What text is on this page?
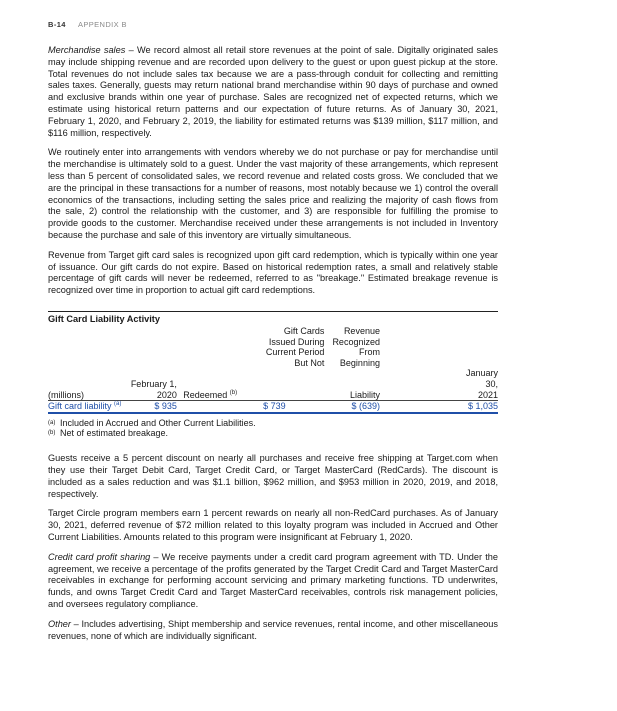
B-14 APPENDIX B

Merchandise sales – We record almost all retail store revenues at the point of sale. Digitally originated sales may include shipping revenue and are recorded upon delivery to the guest or upon guest pickup at the store. Total revenues do not include sales tax because we are a pass-through conduit for collecting and remitting sales taxes. Generally, guests may return national brand merchandise within 90 days of purchase and owned and exclusive brands within one year of purchase. Sales are recognized net of expected returns, which we estimate using historical return patterns and our expectation of future returns. As of January 30, 2021, February 1, 2020, and February 2, 2019, the liability for estimated returns was $139 million, $117 million, and $116 million, respectively.

We routinely enter into arrangements with vendors whereby we do not purchase or pay for merchandise until the merchandise is ultimately sold to a guest. Under the vast majority of these arrangements, which represent less than 5 percent of consolidated sales, we record revenue and related costs gross. We concluded that we are the principal in these transactions for a number of reasons, most notably because we 1) control the overall economics of the transactions, including setting the sales price and realizing the majority of cash flows from the sale, 2) control the relationship with the customer, and 3) are responsible for fulfilling the promise to provide goods to the customer. Merchandise received under these arrangements is not included in Inventory because the purchase and sale of this inventory are virtually simultaneous.

Revenue from Target gift card sales is recognized upon gift card redemption, which is typically within one year of issuance. Our gift cards do not expire. Based on historical redemption rates, a small and relatively stable percentage of gift cards will never be redeemed, referred to as "breakage." Estimated breakage revenue is recognized over time in proportion to actual gift card redemptions.

Gift Card Liability Activity
			Gift Cards	Revenue	
			Issued During	Recognized	
			Current Period	From	
			But Not	Beginning	
	February 1,				January 30,
(millions)	2020	Redeemed $^{(b)}$		Liability	2021
Gift card liability $^{(a)}$	$ 935		$ 739	$ (639)	$ 1,035
(a) Included in Accrued and Other Current Liabilities.
(b) Net of estimated breakage.

Guests receive a 5 percent discount on nearly all purchases and receive free shipping at Target.com when they use their Target Debit Card, Target Credit Card, or Target MasterCard (RedCards). The discount is included as a sales reduction and was $1.1 billion, $962 million, and $953 million in 2020, 2019, and 2018, respectively.

Target Circle program members earn 1 percent rewards on nearly all non-RedCard purchases. As of January 30, 2021, deferred revenue of $72 million related to this loyalty program was included in Accrued and Other Current Liabilities. Amounts related to this program were insignificant at February 1, 2020.

Credit card profit sharing – We receive payments under a credit card program agreement with TD. Under the agreement, we receive a percentage of the profits generated by the Target Credit Card and Target MasterCard receivables in exchange for performing account servicing and primary marketing functions. TD underwrites, funds, and owns Target Credit Card and Target MasterCard receivables, controls risk management policies, and oversees regulatory compliance.

Other – Includes advertising, Shipt membership and service revenues, rental income, and other miscellaneous revenues, none of which are individually significant.
